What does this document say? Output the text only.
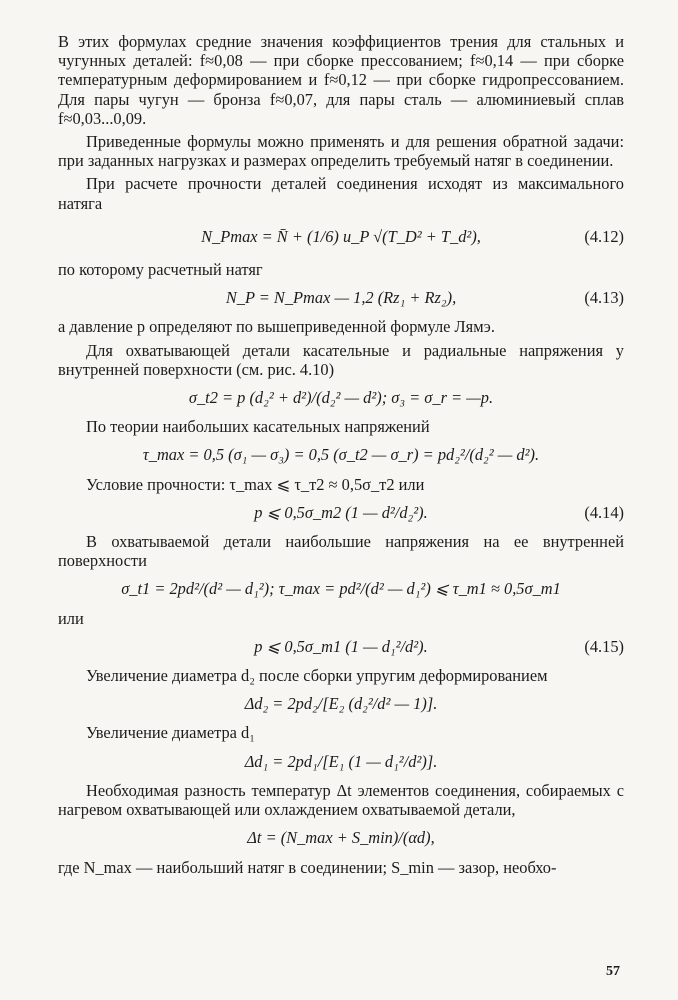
В этих формулах средние значения коэффициентов трения для стальных и чугунных деталей: f≈0,08 — при сборке прессованием; f≈0,14 — при сборке температурным деформированием и f≈0,12 — при сборке гидропрессованием. Для пары чугун — бронза f≈0,07, для пары сталь — алюминиевый сплав f≈0,03...0,09.

Приведенные формулы можно применять и для решения обратной задачи: при заданных нагрузках и размерах определить требуемый натяг в соединении.

При расчете прочности деталей соединения исходят из максимального натяга

N_Pmax = N̄ + (1/6) u_P √(T_D² + T_d²),	(4.12)

по которому расчетный натяг

N_P = N_Pmax — 1,2 (Rz₁ + Rz₂),	(4.13)

а давление p определяют по вышеприведенной формуле Лямэ.

Для охватывающей детали касательные и радиальные напряжения у внутренней поверхности (см. рис. 4.10)

σ_t2 = p (d₂² + d²)/(d₂² — d²); σ₃ = σ_r = —p.

По теории наибольших касательных напряжений

τ_max = 0,5 (σ₁ — σ₃) = 0,5 (σ_t2 — σ_r) = pd₂²/(d₂² — d²).

Условие прочности: τ_max ⩽ τ_т2 ≈ 0,5σ_т2 или

p ⩽ 0,5σ_т2 (1 — d²/d₂²).	(4.14)

В охватываемой детали наибольшие напряжения на ее внутренней поверхности

σ_t1 = 2pd²/(d² — d₁²); τ_max = pd²/(d² — d₁²) ⩽ τ_т1 ≈ 0,5σ_т1

или

p ⩽ 0,5σ_т1 (1 — d₁²/d²).	(4.15)

Увеличение диаметра d₂ после сборки упругим деформированием

Δd₂ = 2pd₂/[E₂ (d₂²/d² — 1)].

Увеличение диаметра d₁

Δd₁ = 2pd₁/[E₁ (1 — d₁²/d²)].

Необходимая разность температур Δt элементов соединения, собираемых с нагревом охватывающей или охлаждением охватываемой детали,

Δt = (N_max + S_min)/(αd),

где N_max — наибольший натяг в соединении; S_min — зазор, необхо-

57
